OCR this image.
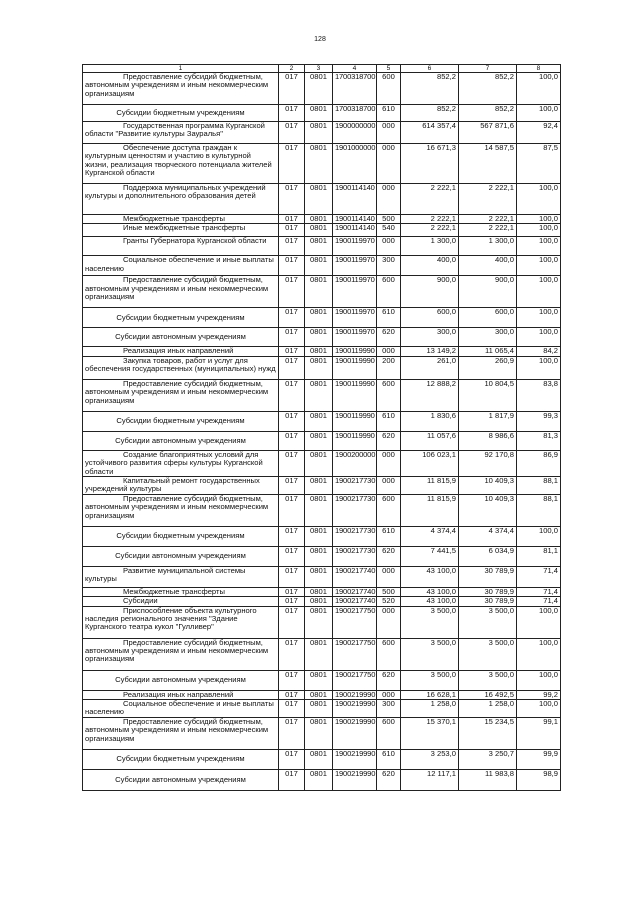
128
1	2	3	4	5	6	7	8
Предоставление субсидий бюджетным, автономным учреждениям и иным некоммерческим организациям	017	0801	1700318700	600	852,2	852,2	100,0
Субсидии бюджетным учреждениям	017	0801	1700318700	610	852,2	852,2	100,0
Государственная программа Курганской области "Развитие культуры Зауралья"	017	0801	1900000000	000	614 357,4	567 871,6	92,4
Обеспечение доступа граждан к культурным ценностям и участию в культурной жизни, реализация творческого потенциала жителей Курганской области	017	0801	1901000000	000	16 671,3	14 587,5	87,5
Поддержка муниципальных учреждений культуры и дополнительного образования детей	017	0801	1900114140	000	2 222,1	2 222,1	100,0
Межбюджетные трансферты	017	0801	1900114140	500	2 222,1	2 222,1	100,0
Иные межбюджетные трансферты	017	0801	1900114140	540	2 222,1	2 222,1	100,0
Гранты Губернатора Курганской области	017	0801	1900119970	000	1 300,0	1 300,0	100,0
Социальное обеспечение и иные выплаты населению	017	0801	1900119970	300	400,0	400,0	100,0
Предоставление субсидий бюджетным, автономным учреждениям и иным некоммерческим организациям	017	0801	1900119970	600	900,0	900,0	100,0
Субсидии бюджетным учреждениям	017	0801	1900119970	610	600,0	600,0	100,0
Субсидии автономным учреждениям	017	0801	1900119970	620	300,0	300,0	100,0
Реализация иных направлений	017	0801	1900119990	000	13 149,2	11 065,4	84,2
Закупка товаров, работ и услуг для обеспечения государственных (муниципальных) нужд	017	0801	1900119990	200	261,0	260,9	100,0
Предоставление субсидий бюджетным, автономным учреждениям и иным некоммерческим организациям	017	0801	1900119990	600	12 888,2	10 804,5	83,8
Субсидии бюджетным учреждениям	017	0801	1900119990	610	1 830,6	1 817,9	99,3
Субсидии автономным учреждениям	017	0801	1900119990	620	11 057,6	8 986,6	81,3
Создание благоприятных условий для устойчивого развития сферы культуры Курганской области	017	0801	1900200000	000	106 023,1	92 170,8	86,9
Капитальный ремонт государственных учреждений культуры	017	0801	1900217730	000	11 815,9	10 409,3	88,1
Предоставление субсидий бюджетным, автономным учреждениям и иным некоммерческим организациям	017	0801	1900217730	600	11 815,9	10 409,3	88,1
Субсидии бюджетным учреждениям	017	0801	1900217730	610	4 374,4	4 374,4	100,0
Субсидии автономным учреждениям	017	0801	1900217730	620	7 441,5	6 034,9	81,1
Развитие муниципальной системы культуры	017	0801	1900217740	000	43 100,0	30 789,9	71,4
Межбюджетные трансферты	017	0801	1900217740	500	43 100,0	30 789,9	71,4
Субсидии	017	0801	1900217740	520	43 100,0	30 789,9	71,4
Приспособление объекта культурного наследия регионального значения "Здание Курганского театра кукол "Гулливер"	017	0801	1900217750	000	3 500,0	3 500,0	100,0
Предоставление субсидий бюджетным, автономным учреждениям и иным некоммерческим организациям	017	0801	1900217750	600	3 500,0	3 500,0	100,0
Субсидии автономным учреждениям	017	0801	1900217750	620	3 500,0	3 500,0	100,0
Реализация иных направлений	017	0801	1900219990	000	16 628,1	16 492,5	99,2
Социальное обеспечение и иные выплаты населению	017	0801	1900219990	300	1 258,0	1 258,0	100,0
Предоставление субсидий бюджетным, автономным учреждениям и иным некоммерческим организациям	017	0801	1900219990	600	15 370,1	15 234,5	99,1
Субсидии бюджетным учреждениям	017	0801	1900219990	610	3 253,0	3 250,7	99,9
Субсидии автономным учреждениям	017	0801	1900219990	620	12 117,1	11 983,8	98,9
